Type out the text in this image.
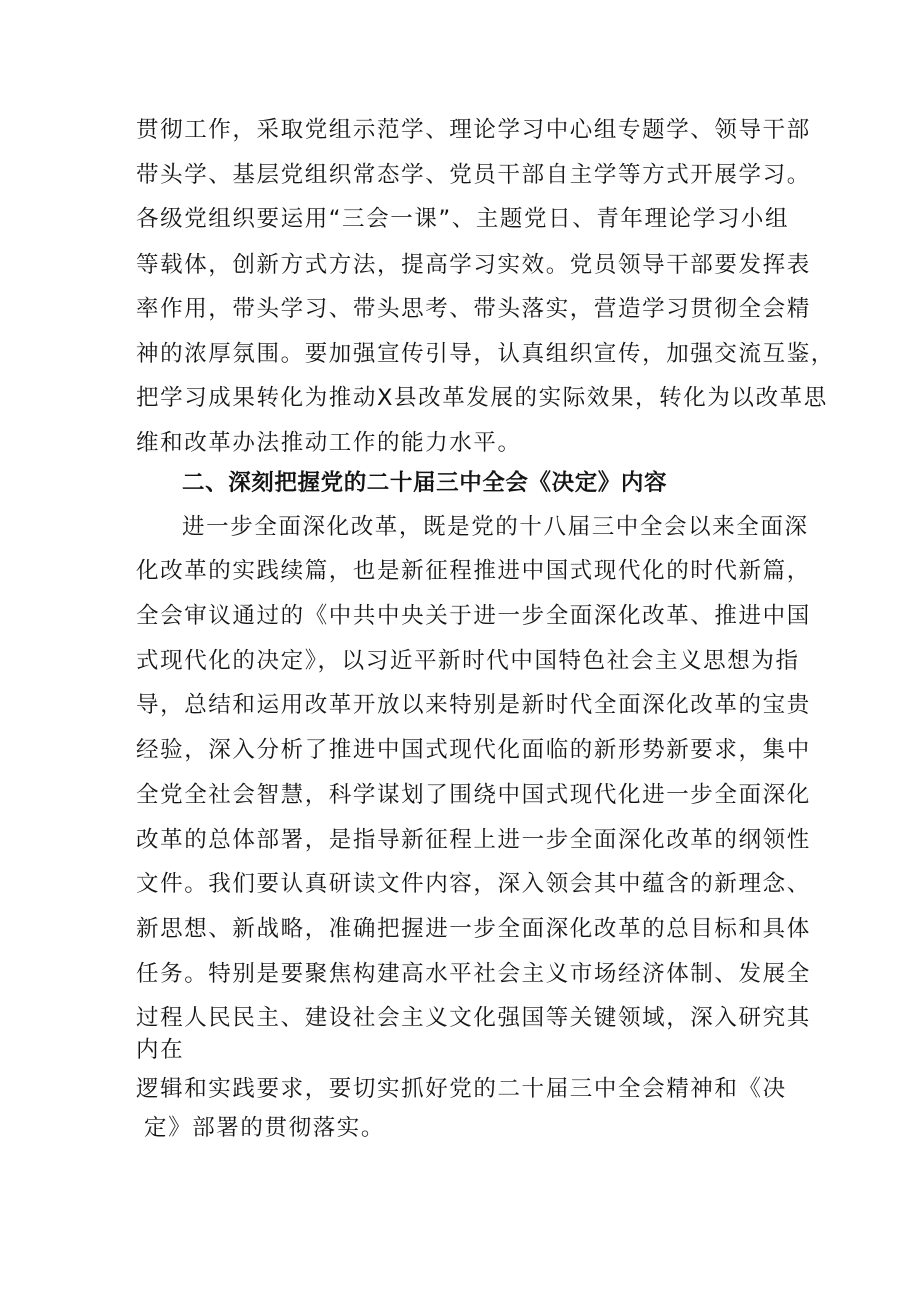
贯彻工作，采取党组示范学、理论学习中心组专题学、领导干部
带头学、基层党组织常态学、党员干部自主学等方式开展学习。
各级党组织要运用“三会一课”、主题党日、青年理论学习小组
等载体，创新方式方法，提高学习实效。党员领导干部要发挥表
率作用，带头学习、带头思考、带头落实，营造学习贯彻全会精
神的浓厚氛围。要加强宣传引导，认真组织宣传，加强交流互鉴，
把学习成果转化为推动X县改革发展的实际效果，转化为以改革思
维和改革办法推动工作的能力水平。
二、深刻把握党的二十届三中全会《决定》内容
进一步全面深化改革，既是党的十八届三中全会以来全面深
化改革的实践续篇，也是新征程推进中国式现代化的时代新篇，
全会审议通过的《中共中央关于进一步全面深化改革、推进中国
式现代化的决定》，以习近平新时代中国特色社会主义思想为指
导，总结和运用改革开放以来特别是新时代全面深化改革的宝贵
经验，深入分析了推进中国式现代化面临的新形势新要求，集中
全党全社会智慧，科学谋划了围绕中国式现代化进一步全面深化
改革的总体部署，是指导新征程上进一步全面深化改革的纲领性
文件。我们要认真研读文件内容，深入领会其中蕴含的新理念、
新思想、新战略，准确把握进一步全面深化改革的总目标和具体
任务。特别是要聚焦构建高水平社会主义市场经济体制、发展全
过程人民民主、建设社会主义文化强国等关键领域，深入研究其
内在
逻辑和实践要求，要切实抓好党的二十届三中全会精神和《决
定》部署的贯彻落实。
